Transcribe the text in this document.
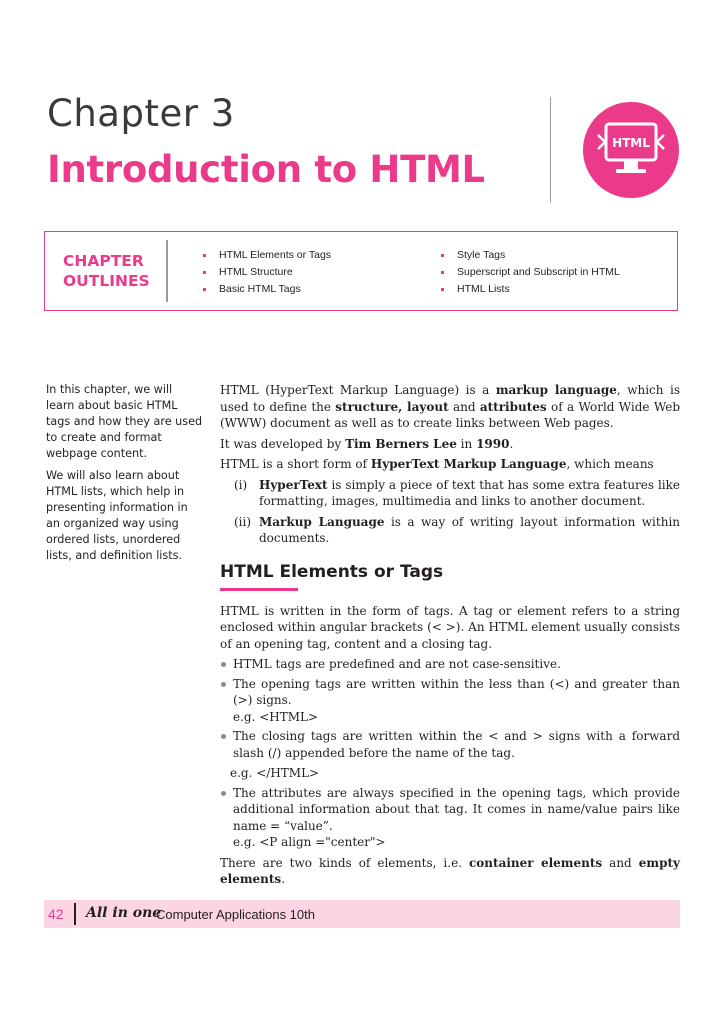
Chapter 3
Introduction to HTML
HTML
CHAPTER
OUTLINES
HTML Elements or Tags
HTML Structure
Basic HTML Tags
Style Tags
Superscript and Subscript in HTML
HTML Lists

In this chapter, we will learn about basic HTML tags and how they are used to create and format webpage content.

We will also learn about HTML lists, which help in presenting information in an organized way using ordered lists, unordered lists, and definition lists.

HTML (HyperText Markup Language) is a markup language, which is used to define the structure, layout and attributes of a World Wide Web (WWW) document as well as to create links between Web pages.

It was developed by Tim Berners Lee in 1990.

HTML is a short form of HyperText Markup Language, which means

(i) HyperText is simply a piece of text that has some extra features like formatting, images, multimedia and links to another document.
(ii) Markup Language is a way of writing layout information within documents.
HTML Elements or Tags

HTML is written in the form of tags. A tag or element refers to a string enclosed within angular brackets (< >). An HTML element usually consists of an opening tag, content and a closing tag.

HTML tags are predefined and are not case-sensitive.
The opening tags are written within the less than (<) and greater than (>) signs.
e.g. <HTML>
The closing tags are written within the < and > signs with a forward slash (/) appended before the name of the tag.
e.g. </HTML>
The attributes are always specified in the opening tags, which provide additional information about that tag. It comes in name/value pairs like name = “value”.
e.g. <P align ="center">

There are two kinds of elements, i.e. container elements and empty elements.

42 All in one
Computer Applications 10th
